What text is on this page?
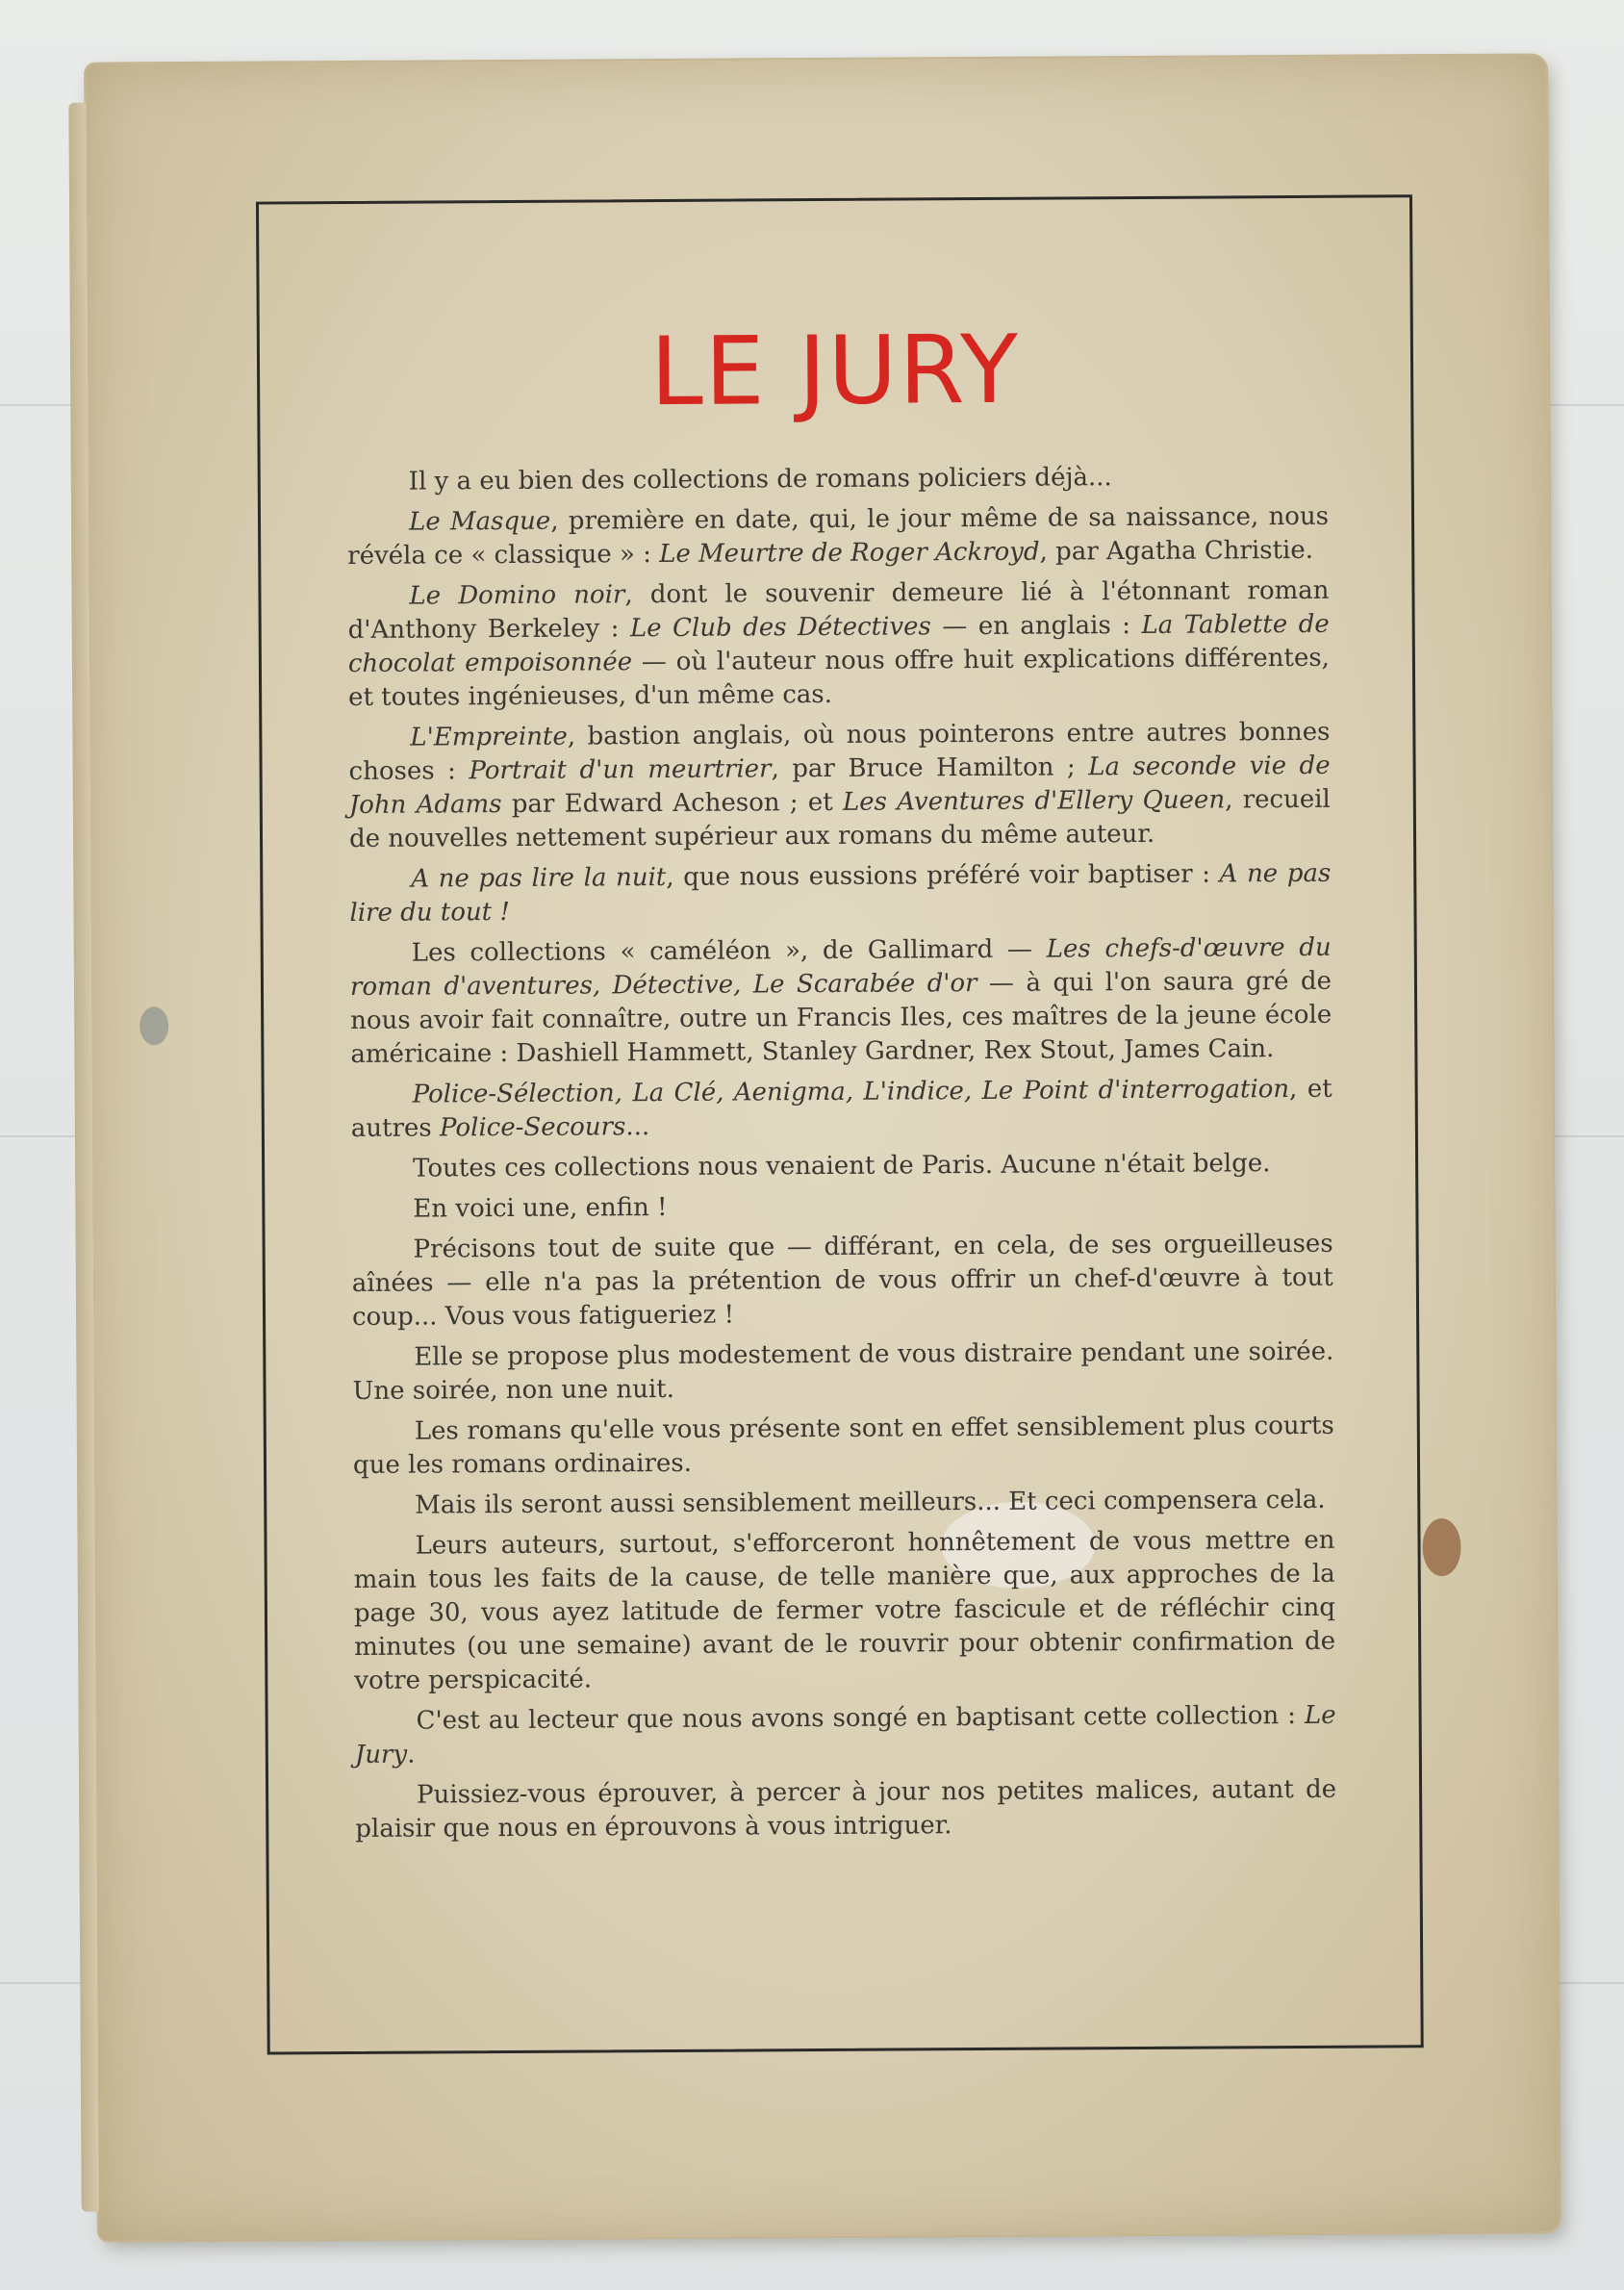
LE JURY

Il y a eu bien des collections de romans policiers déjà...

Le Masque, première en date, qui, le jour même de sa naissance, nous révéla ce « classique » : Le Meurtre de Roger Ackroyd, par Agatha Christie.

Le Domino noir, dont le souvenir demeure lié à l'étonnant roman d'Anthony Berkeley : Le Club des Détectives — en anglais : La Tablette de chocolat empoisonnée — où l'auteur nous offre huit explications différentes, et toutes ingénieuses, d'un même cas.

L'Empreinte, bastion anglais, où nous pointerons entre autres bonnes choses : Portrait d'un meurtrier, par Bruce Hamilton ; La seconde vie de John Adams par Edward Acheson ; et Les Aventures d'Ellery Queen, recueil de nouvelles nettement supérieur aux romans du même auteur.

A ne pas lire la nuit, que nous eussions préféré voir baptiser : A ne pas lire du tout !

Les collections « caméléon », de Gallimard — Les chefs-d'œuvre du roman d'aventures, Détective, Le Scarabée d'or — à qui l'on saura gré de nous avoir fait connaître, outre un Francis Iles, ces maîtres de la jeune école américaine : Dashiell Hammett, Stanley Gardner, Rex Stout, James Cain.

Police-Sélection, La Clé, Aenigma, L'indice, Le Point d'interrogation, et autres Police-Secours...

Toutes ces collections nous venaient de Paris. Aucune n'était belge.

En voici une, enfin !

Précisons tout de suite que — différant, en cela, de ses orgueilleuses aînées — elle n'a pas la prétention de vous offrir un chef-d'œuvre à tout coup... Vous vous fatigueriez !

Elle se propose plus modestement de vous distraire pendant une soirée. Une soirée, non une nuit.

Les romans qu'elle vous présente sont en effet sensiblement plus courts que les romans ordinaires.

Mais ils seront aussi sensiblement meilleurs... Et ceci compensera cela.

Leurs auteurs, surtout, s'efforceront honnêtement de vous mettre en main tous les faits de la cause, de telle manière que, aux approches de la page 30, vous ayez latitude de fermer votre fascicule et de réfléchir cinq minutes (ou une semaine) avant de le rouvrir pour obtenir confirmation de votre perspicacité.

C'est au lecteur que nous avons songé en baptisant cette collection : Le Jury.

Puissiez-vous éprouver, à percer à jour nos petites malices, autant de plaisir que nous en éprouvons à vous intriguer.
